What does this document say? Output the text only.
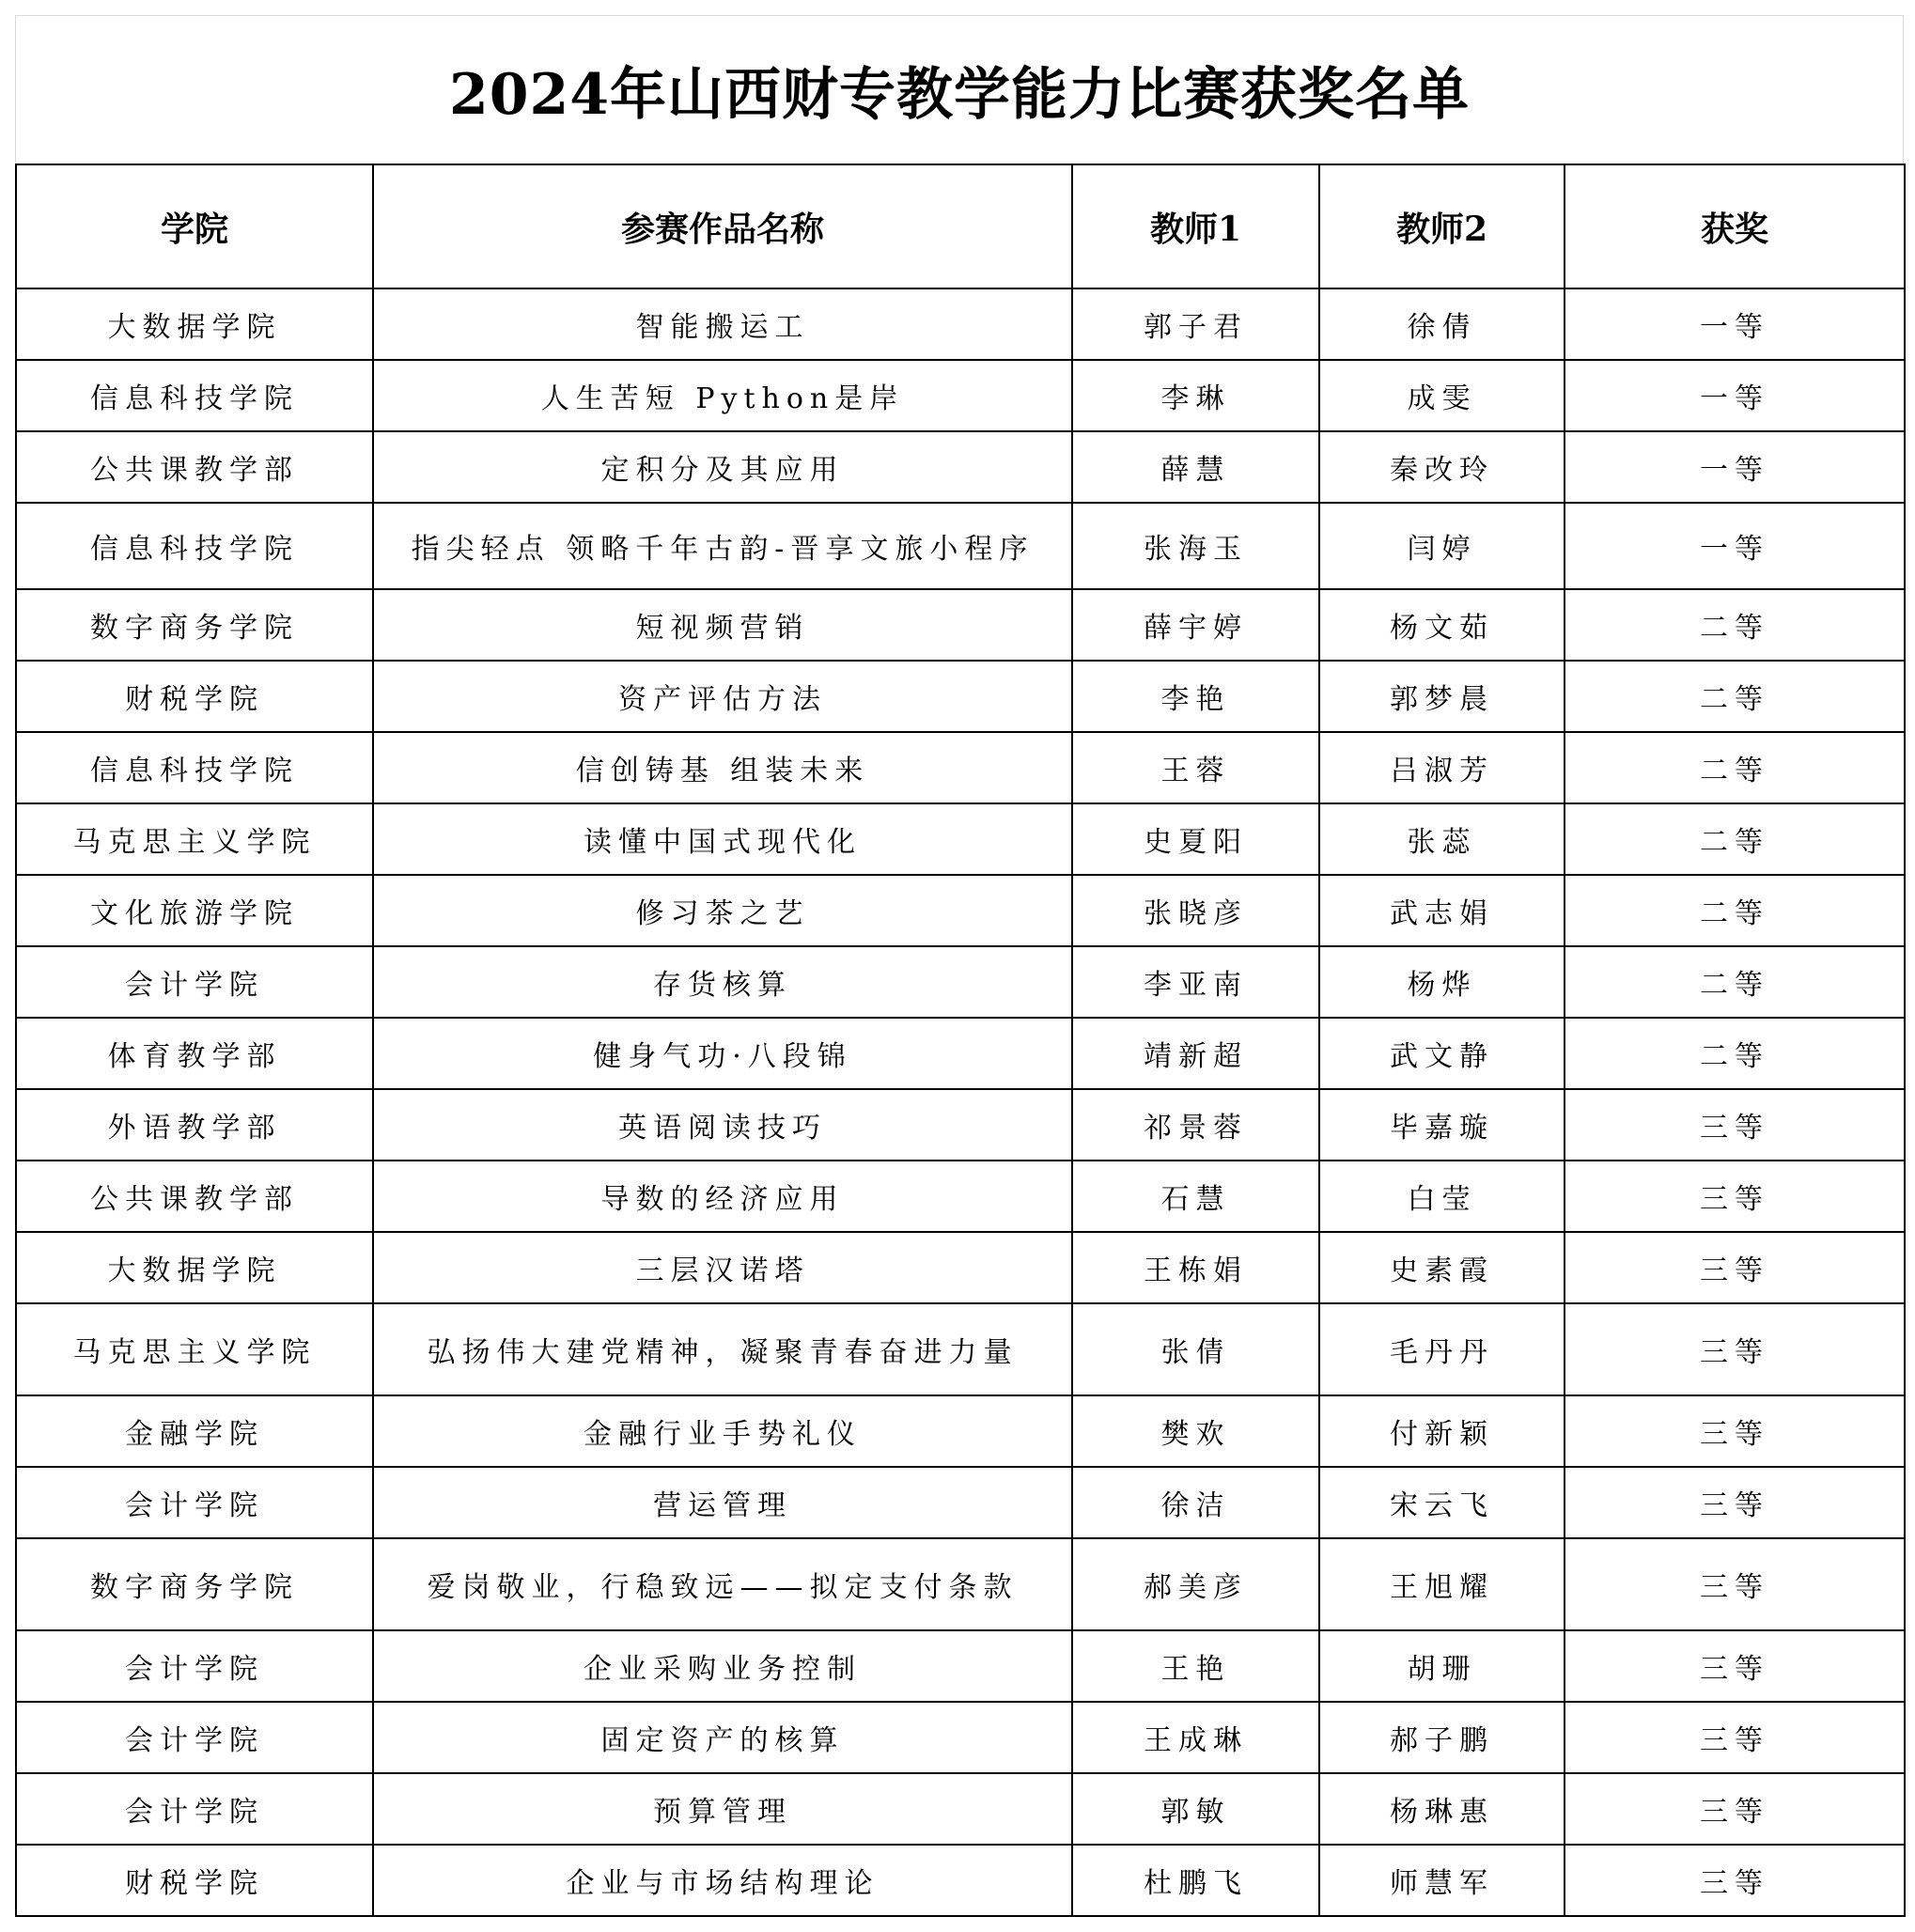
2024年山西财专教学能力比赛获奖名单
学院	参赛作品名称	教师1	教师2	获奖
大数据学院	智能搬运工	郭子君	徐倩	一等
信息科技学院	人生苦短 Python是岸	李琳	成雯	一等
公共课教学部	定积分及其应用	薛慧	秦改玲	一等
信息科技学院	指尖轻点 领略千年古韵-晋享文旅小程序	张海玉	闫婷	一等
数字商务学院	短视频营销	薛宇婷	杨文茹	二等
财税学院	资产评估方法	李艳	郭梦晨	二等
信息科技学院	信创铸基 组装未来	王蓉	吕淑芳	二等
马克思主义学院	读懂中国式现代化	史夏阳	张蕊	二等
文化旅游学院	修习茶之艺	张晓彦	武志娟	二等
会计学院	存货核算	李亚南	杨烨	二等
体育教学部	健身气功·八段锦	靖新超	武文静	二等
外语教学部	英语阅读技巧	祁景蓉	毕嘉璇	三等
公共课教学部	导数的经济应用	石慧	白莹	三等
大数据学院	三层汉诺塔	王栋娟	史素霞	三等
马克思主义学院	弘扬伟大建党精神，凝聚青春奋进力量	张倩	毛丹丹	三等
金融学院	金融行业手势礼仪	樊欢	付新颖	三等
会计学院	营运管理	徐洁	宋云飞	三等
数字商务学院	爱岗敬业，行稳致远——拟定支付条款	郝美彦	王旭耀	三等
会计学院	企业采购业务控制	王艳	胡珊	三等
会计学院	固定资产的核算	王成琳	郝子鹏	三等
会计学院	预算管理	郭敏	杨琳惠	三等
财税学院	企业与市场结构理论	杜鹏飞	师慧军	三等
